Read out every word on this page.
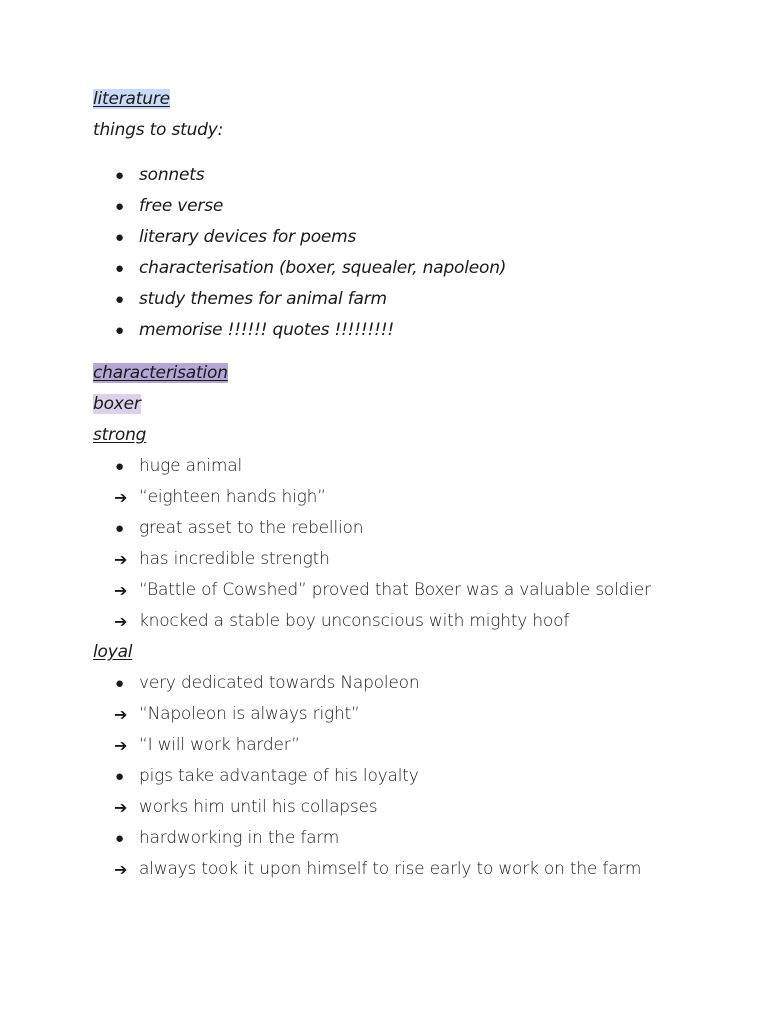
literature
things to study:
● sonnets
● free verse
● literary devices for poems
● characterisation (boxer, squealer, napoleon)
● study themes for animal farm
● memorise !!!!!! quotes !!!!!!!!!
characterisation
boxer
strong
● huge animal
➔ “eighteen hands high”
● great asset to the rebellion
➔ has incredible strength
➔ “Battle of Cowshed” proved that Boxer was a valuable soldier
➔ knocked a stable boy unconscious with mighty hoof
loyal
● very dedicated towards Napoleon
➔ “Napoleon is always right”
➔ “I will work harder”
● pigs take advantage of his loyalty
➔ works him until his collapses
● hardworking in the farm
➔ always took it upon himself to rise early to work on the farm
